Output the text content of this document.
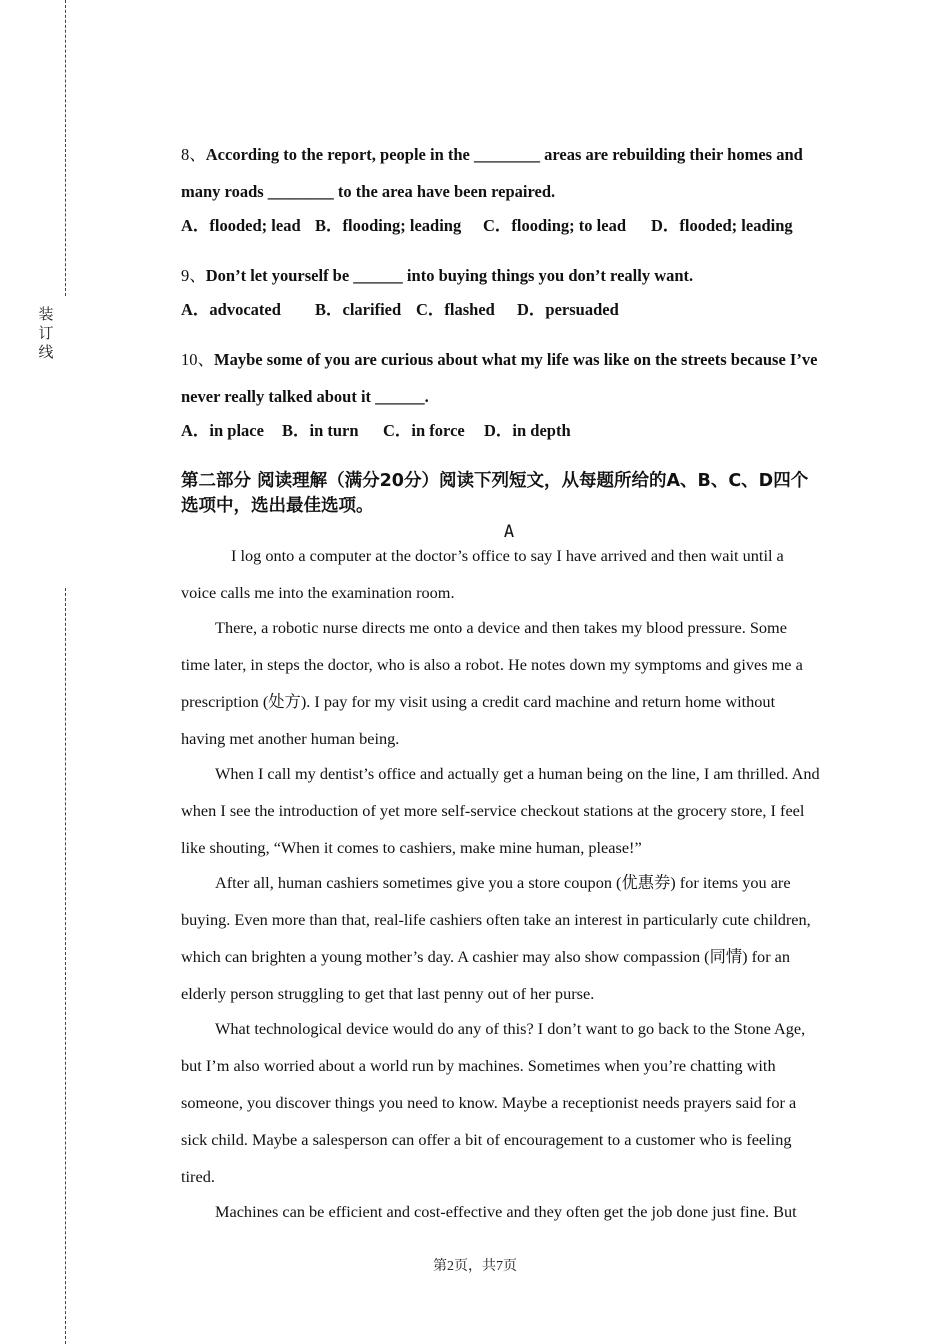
装
订
线
8、According to the report, people in the ________ areas are rebuilding their homes and
many roads ________ to the area have been repaired.
A．flooded; lead B．flooding; leading C．flooding; to lead D．flooded; leading
9、Don’t let yourself be ______ into buying things you don’t really want.
A．advocated B．clarified C．flashed D．persuaded
10、Maybe some of you are curious about what my life was like on the streets because I’ve
never really talked about it ______.
A．in place B．in turn C．in force D．in depth
第二部分 阅读理解（满分20分）阅读下列短文，从每题所给的A、B、C、D四个
选项中，选出最佳选项。
A
I log onto a computer at the doctor’s office to say I have arrived and then wait until a
voice calls me into the examination room.
There, a robotic nurse directs me onto a device and then takes my blood pressure. Some
time later, in steps the doctor, who is also a robot. He notes down my symptoms and gives me a
prescription (处方). I pay for my visit using a credit card machine and return home without
having met another human being.
When I call my dentist’s office and actually get a human being on the line, I am thrilled. And
when I see the introduction of yet more self-service checkout stations at the grocery store, I feel
like shouting, “When it comes to cashiers, make mine human, please!”
After all, human cashiers sometimes give you a store coupon (优惠券) for items you are
buying. Even more than that, real-life cashiers often take an interest in particularly cute children,
which can brighten a young mother’s day. A cashier may also show compassion (同情) for an
elderly person struggling to get that last penny out of her purse.
What technological device would do any of this? I don’t want to go back to the Stone Age,
but I’m also worried about a world run by machines. Sometimes when you’re chatting with
someone, you discover things you need to know. Maybe a receptionist needs prayers said for a
sick child. Maybe a salesperson can offer a bit of encouragement to a customer who is feeling
tired.
Machines can be efficient and cost-effective and they often get the job done just fine. But
第2页，共7页
